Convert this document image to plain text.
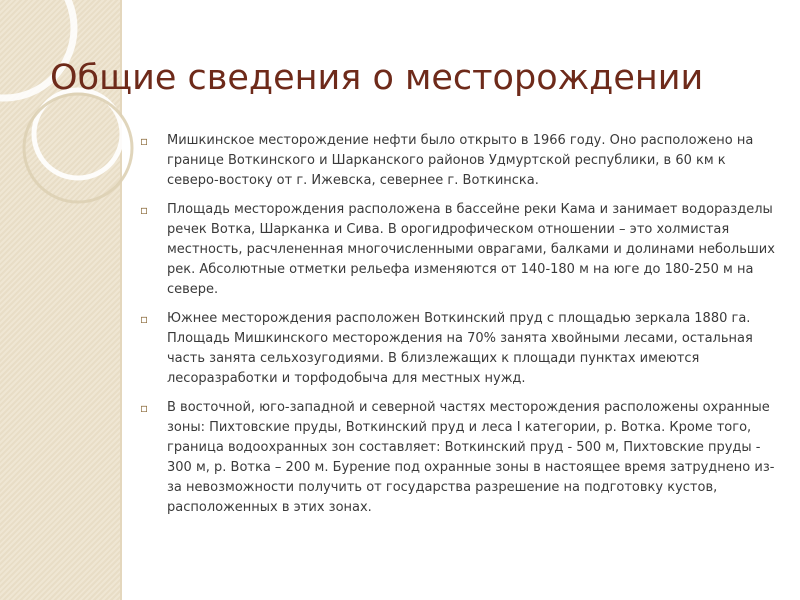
Общие сведения о месторождении
▫	Мишкинское месторождение нефти было открыто в 1966 году. Оно расположено на границе Воткинского и Шарканского районов Удмуртской республики, в 60 км к северо-востоку от г. Ижевска, севернее г. Воткинска.
▫	Площадь месторождения расположена в бассейне реки Кама и занимает водоразделы речек Вотка, Шарканка и Сива. В орогидрофическом отношении – это холмистая местность, расчлененная многочисленными оврагами, балками и долинами небольших рек. Абсолютные отметки рельефа изменяются от 140-180 м на юге до 180-250 м на севере.
▫	Южнее месторождения расположен Воткинский пруд с площадью зеркала 1880 га. Площадь Мишкинского месторождения на 70% занята хвойными лесами, остальная часть занята сельхозугодиями. В близлежащих к площади пунктах имеются лесоразработки и торфодобыча для местных нужд.
▫	В восточной, юго-западной и северной частях месторождения расположены охранные зоны: Пихтовские пруды, Воткинский пруд и леса I категории, р. Вотка. Кроме того, граница водоохранных зон составляет: Воткинский пруд - 500 м, Пихтовские пруды - 300 м, р. Вотка – 200 м. Бурение под охранные зоны в настоящее время затруднено из-за невозможности получить от государства разрешение на подготовку кустов, расположенных в этих зонах.
